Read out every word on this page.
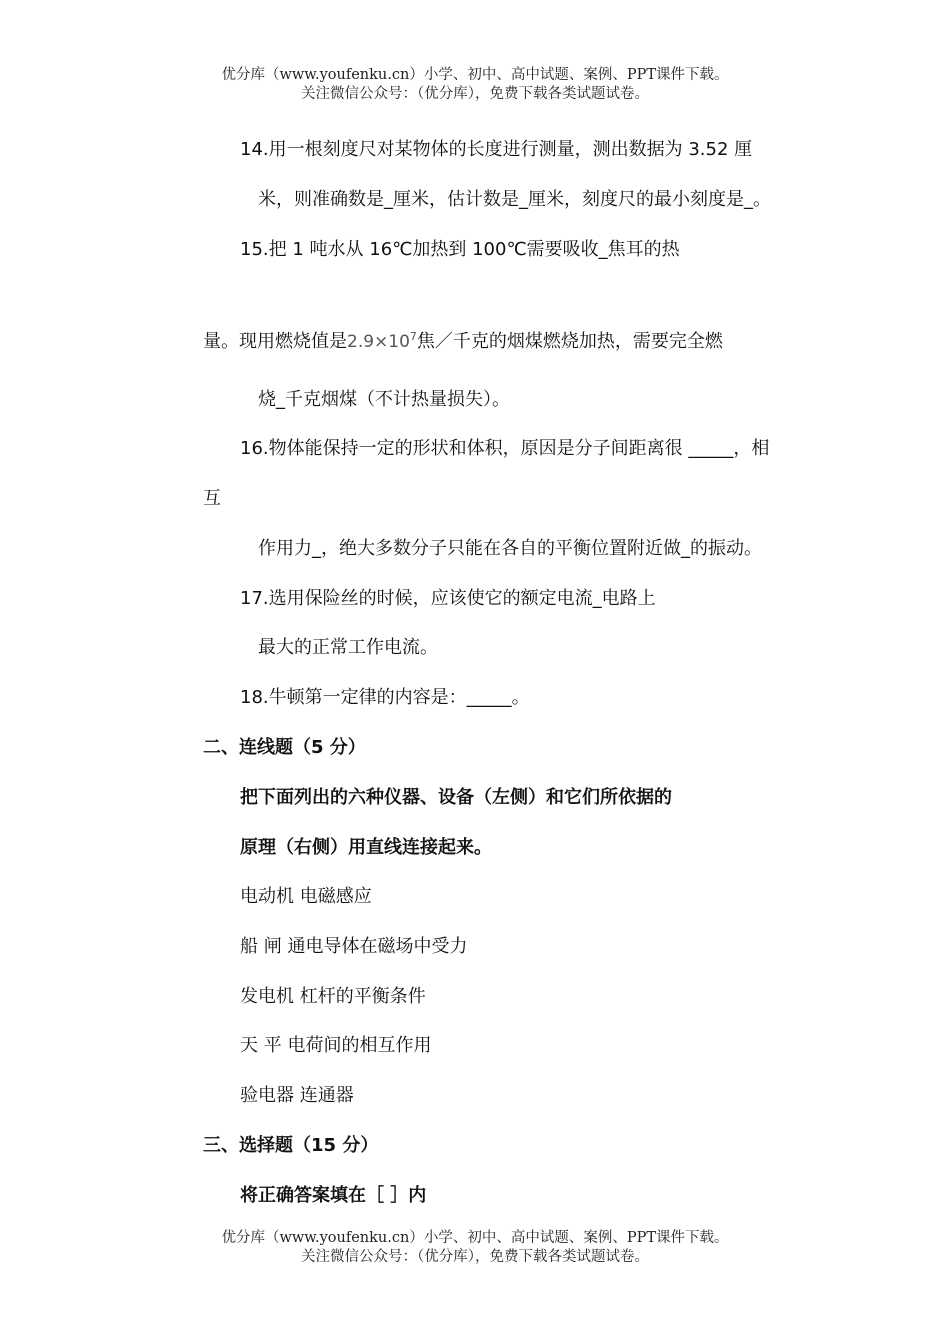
优分库（www.youfenku.cn）小学、初中、高中试题、案例、PPT课件下载。
关注微信公众号：（优分库），免费下载各类试题试卷。
14.用一根刻度尺对某物体的长度进行测量，测出数据为 3.52 厘
米，则准确数是_厘米，估计数是_厘米，刻度尺的最小刻度是_。
15.把 1 吨水从 16℃加热到 100℃需要吸收_焦耳的热
量。现用燃烧值是$2.9\times 10^7$焦／千克的烟煤燃烧加热，需要完全燃
烧_千克烟煤（不计热量损失）。
16.物体能保持一定的形状和体积，原因是分子间距离很 _____，相
互
作用力_，绝大多数分子只能在各自的平衡位置附近做_的振动。
17.选用保险丝的时候，应该使它的额定电流_电路上
最大的正常工作电流。
18.牛顿第一定律的内容是：_____。
二、连线题（5 分）
把下面列出的六种仪器、设备（左侧）和它们所依据的
原理（右侧）用直线连接起来。
电动机 电磁感应
船 闸 通电导体在磁场中受力
发电机 杠杆的平衡条件
天 平 电荷间的相互作用
验电器 连通器
三、选择题（15 分）
将正确答案填在［ ］内
优分库（www.youfenku.cn）小学、初中、高中试题、案例、PPT课件下载。
关注微信公众号：（优分库），免费下载各类试题试卷。
